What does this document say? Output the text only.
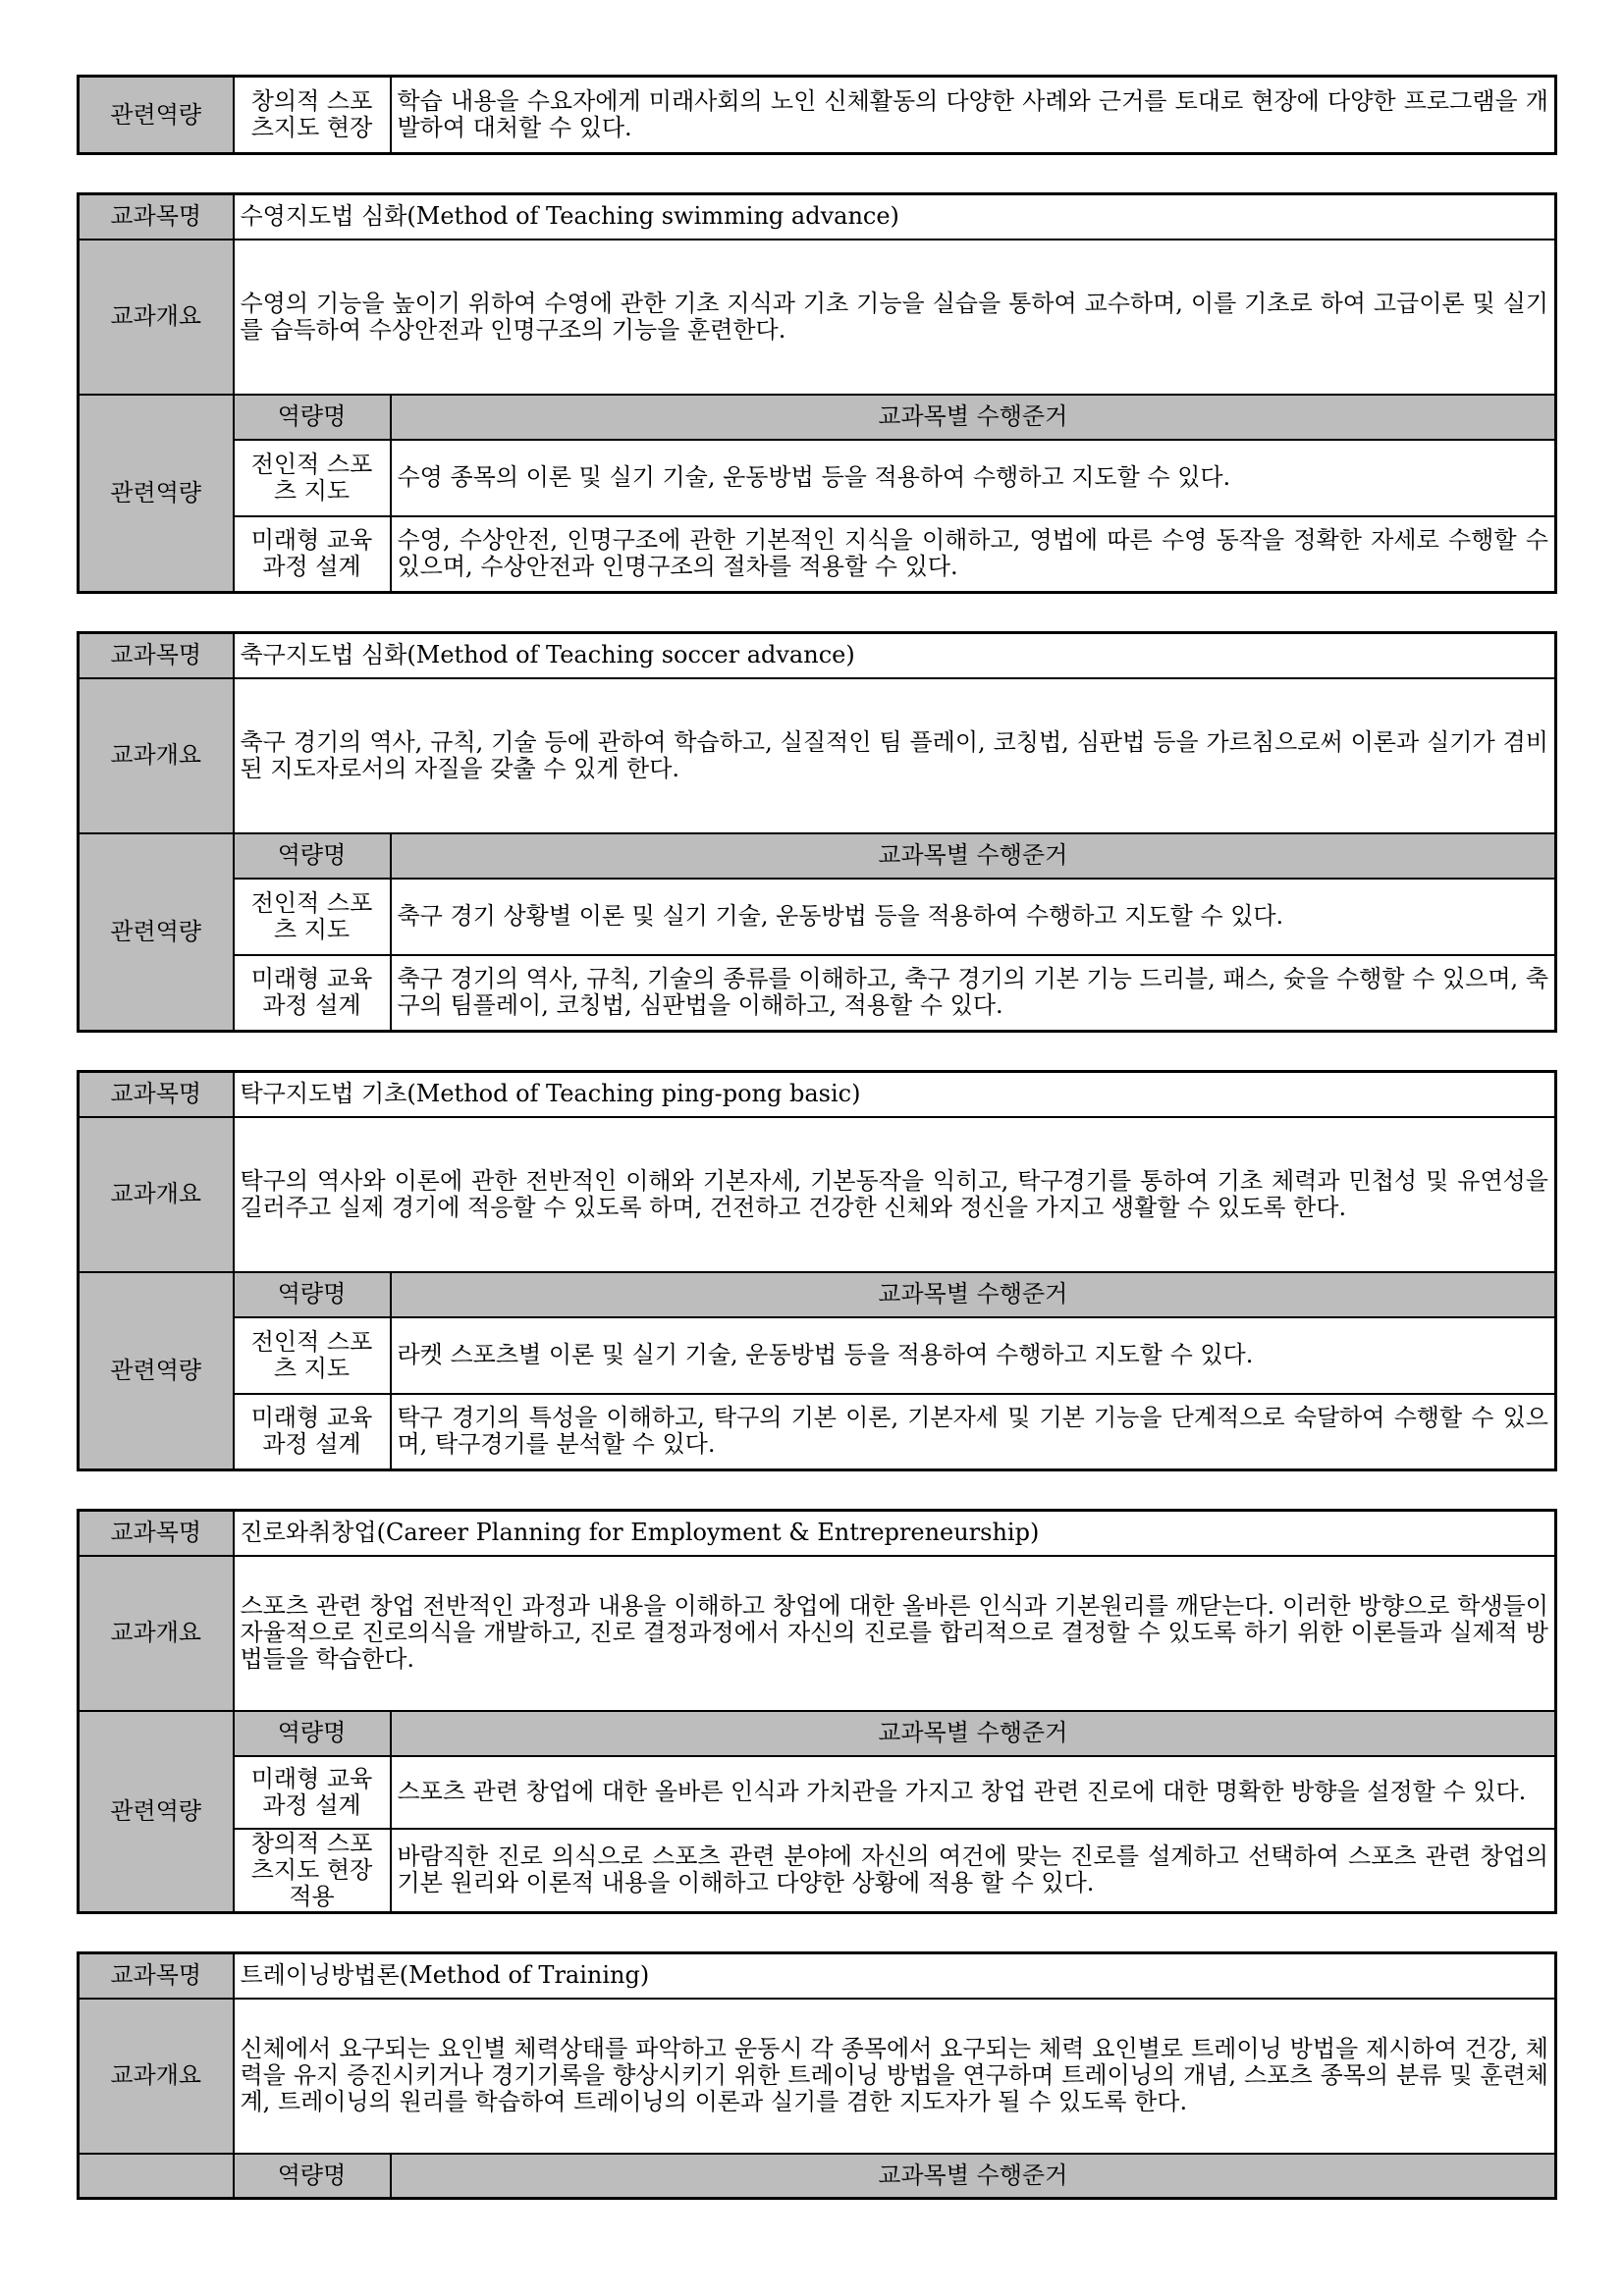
관련역량	창의적 스포츠지도 현장	학습 내용을 수요자에게 미래사회의 노인 신체활동의 다양한 사례와 근거를 토대로 현장에 다양한 프로그램을 개발하여 대처할 수 있다.
교과목명	수영지도법 심화(Method of Teaching swimming advance)	
교과개요	수영의 기능을 높이기 위하여 수영에 관한 기초 지식과 기초 기능을 실습을 통하여 교수하며, 이를 기초로 하여 고급이론 및 실기를 습득하여 수상안전과 인명구조의 기능을 훈련한다.	
관련역량	역량명	교과목별 수행준거
	전인적 스포츠 지도	수영 종목의 이론 및 실기 기술, 운동방법 등을 적용하여 수행하고 지도할 수 있다.
	미래형 교육과정 설계	수영, 수상안전, 인명구조에 관한 기본적인 지식을 이해하고, 영법에 따른 수영 동작을 정확한 자세로 수행할 수 있으며, 수상안전과 인명구조의 절차를 적용할 수 있다.
교과목명	축구지도법 심화(Method of Teaching soccer advance)	
교과개요	축구 경기의 역사, 규칙, 기술 등에 관하여 학습하고, 실질적인 팀 플레이, 코칭법, 심판법 등을 가르침으로써 이론과 실기가 겸비된 지도자로서의 자질을 갖출 수 있게 한다.	
관련역량	역량명	교과목별 수행준거
	전인적 스포츠 지도	축구 경기 상황별 이론 및 실기 기술, 운동방법 등을 적용하여 수행하고 지도할 수 있다.
	미래형 교육과정 설계	축구 경기의 역사, 규칙, 기술의 종류를 이해하고, 축구 경기의 기본 기능 드리블, 패스, 슛을 수행할 수 있으며, 축구의 팀플레이, 코칭법, 심판법을 이해하고, 적용할 수 있다.
교과목명	탁구지도법 기초(Method of Teaching ping-pong basic)	
교과개요	탁구의 역사와 이론에 관한 전반적인 이해와 기본자세, 기본동작을 익히고, 탁구경기를 통하여 기초 체력과 민첩성 및 유연성을 길러주고 실제 경기에 적응할 수 있도록 하며, 건전하고 건강한 신체와 정신을 가지고 생활할 수 있도록 한다.	
관련역량	역량명	교과목별 수행준거
	전인적 스포츠 지도	라켓 스포츠별 이론 및 실기 기술, 운동방법 등을 적용하여 수행하고 지도할 수 있다.
	미래형 교육과정 설계	탁구 경기의 특성을 이해하고, 탁구의 기본 이론, 기본자세 및 기본 기능을 단계적으로 숙달하여 수행할 수 있으며, 탁구경기를 분석할 수 있다.
교과목명	진로와취창업(Career Planning for Employment & Entrepreneurship)	
교과개요	스포츠 관련 창업 전반적인 과정과 내용을 이해하고 창업에 대한 올바른 인식과 기본원리를 깨닫는다. 이러한 방향으로 학생들이 자율적으로 진로의식을 개발하고, 진로 결정과정에서 자신의 진로를 합리적으로 결정할 수 있도록 하기 위한 이론들과 실제적 방법들을 학습한다.	
관련역량	역량명	교과목별 수행준거
	미래형 교육과정 설계	스포츠 관련 창업에 대한 올바른 인식과 가치관을 가지고 창업 관련 진로에 대한 명확한 방향을 설정할 수 있다.
	창의적 스포츠지도 현장 적용	바람직한 진로 의식으로 스포츠 관련 분야에 자신의 여건에 맞는 진로를 설계하고 선택하여 스포츠 관련 창업의 기본 원리와 이론적 내용을 이해하고 다양한 상황에 적용 할 수 있다.
교과목명	트레이닝방법론(Method of Training)	
교과개요	신체에서 요구되는 요인별 체력상태를 파악하고 운동시 각 종목에서 요구되는 체력 요인별로 트레이닝 방법을 제시하여 건강, 체력을 유지 증진시키거나 경기기록을 향상시키기 위한 트레이닝 방법을 연구하며 트레이닝의 개념, 스포츠 종목의 분류 및 훈련체계, 트레이닝의 원리를 학습하여 트레이닝의 이론과 실기를 겸한 지도자가 될 수 있도록 한다.	
	역량명	교과목별 수행준거
